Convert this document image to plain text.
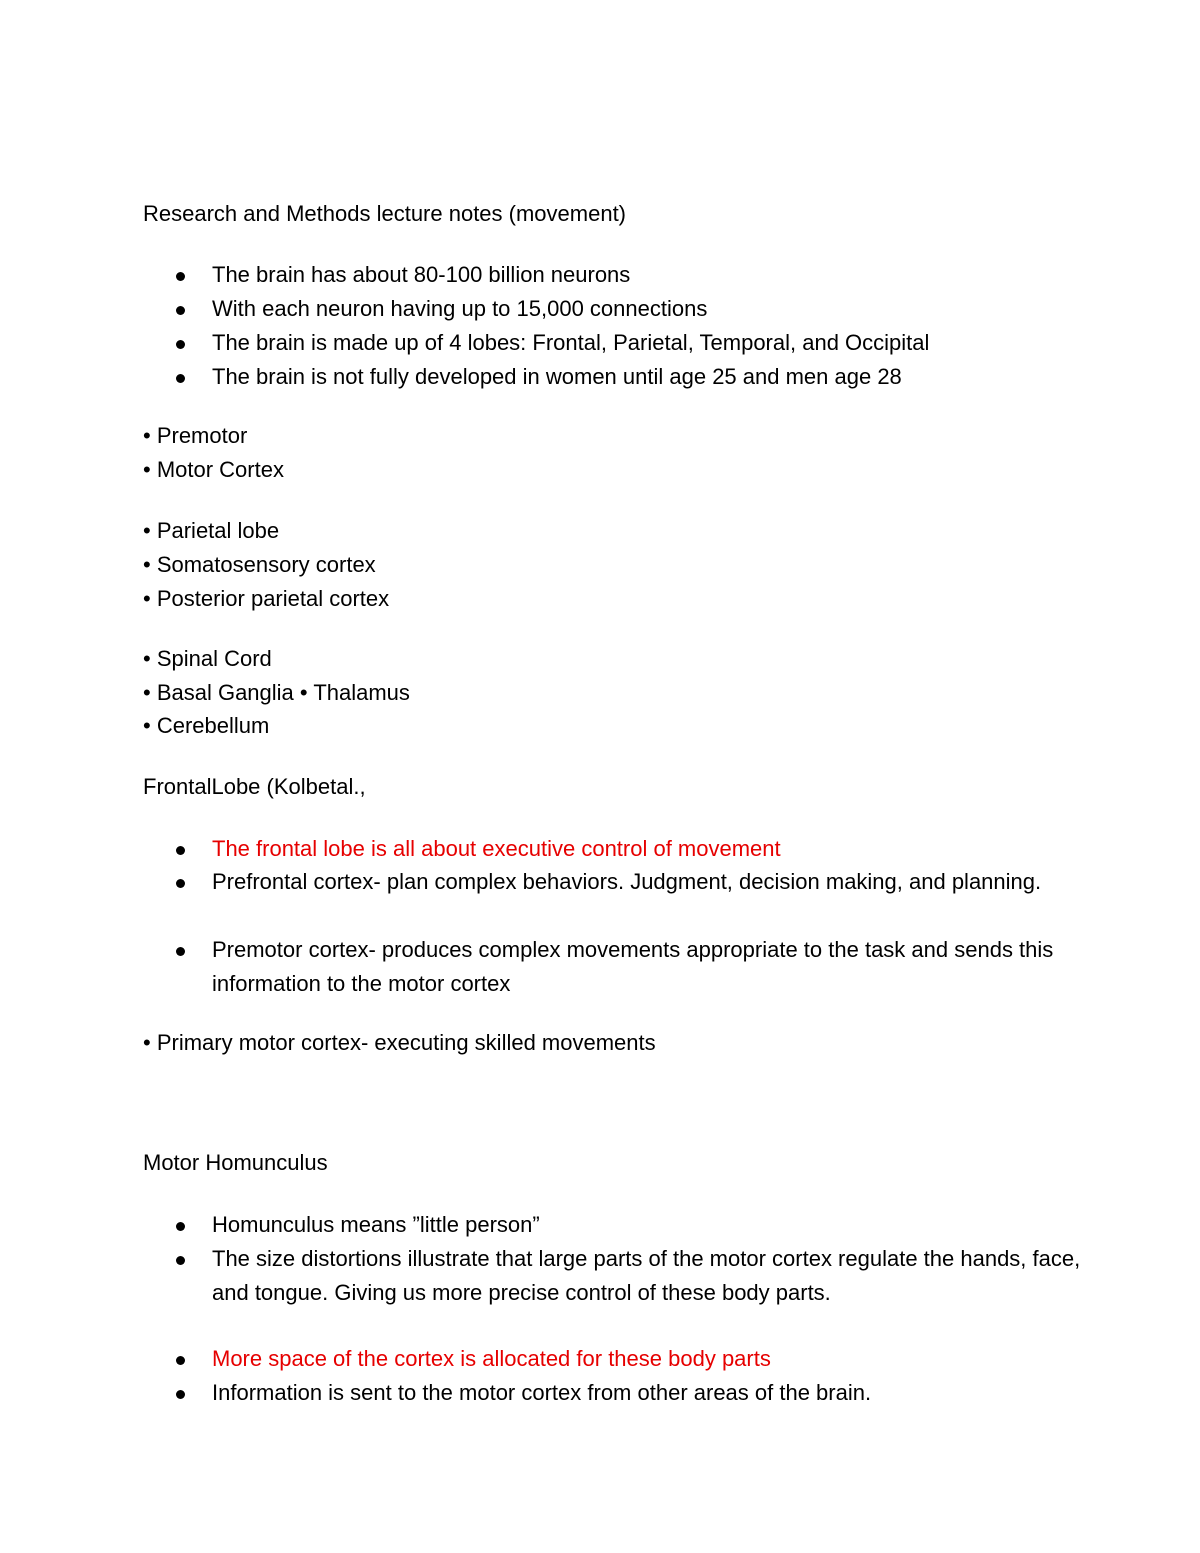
Research and Methods lecture notes (movement)
The brain has about 80-100 billion neurons
With each neuron having up to 15,000 connections
The brain is made up of 4 lobes: Frontal, Parietal, Temporal, and Occipital
The brain is not fully developed in women until age 25 and men age 28
• Premotor
• Motor Cortex
• Parietal lobe
• Somatosensory cortex
• Posterior parietal cortex
• Spinal Cord
• Basal Ganglia • Thalamus
• Cerebellum
FrontalLobe (Kolbetal.,
The frontal lobe is all about executive control of movement
Prefrontal cortex- plan complex behaviors. Judgment, decision making, and planning.
Premotor cortex- produces complex movements appropriate to the task and sends this information to the motor cortex
• Primary motor cortex- executing skilled movements
Motor Homunculus
Homunculus means ”little person”
The size distortions illustrate that large parts of the motor cortex regulate the hands, face, and tongue. Giving us more precise control of these body parts.
More space of the cortex is allocated for these body parts
Information is sent to the motor cortex from other areas of the brain.
